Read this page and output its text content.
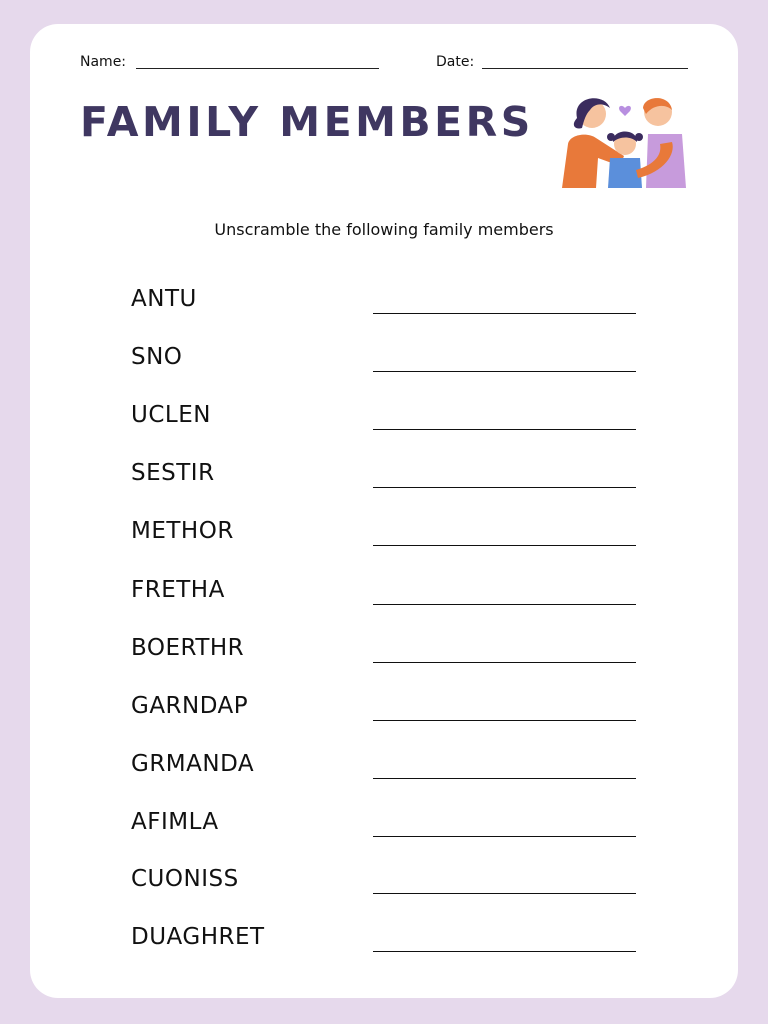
Name:	Date:
FAMILY MEMBERS
Unscramble the following family members
ANTU
SNO
UCLEN
SESTIR
METHOR
FRETHA
BOERTHR
GARNDAP
GRMANDA
AFIMLA
CUONISS
DUAGHRET
